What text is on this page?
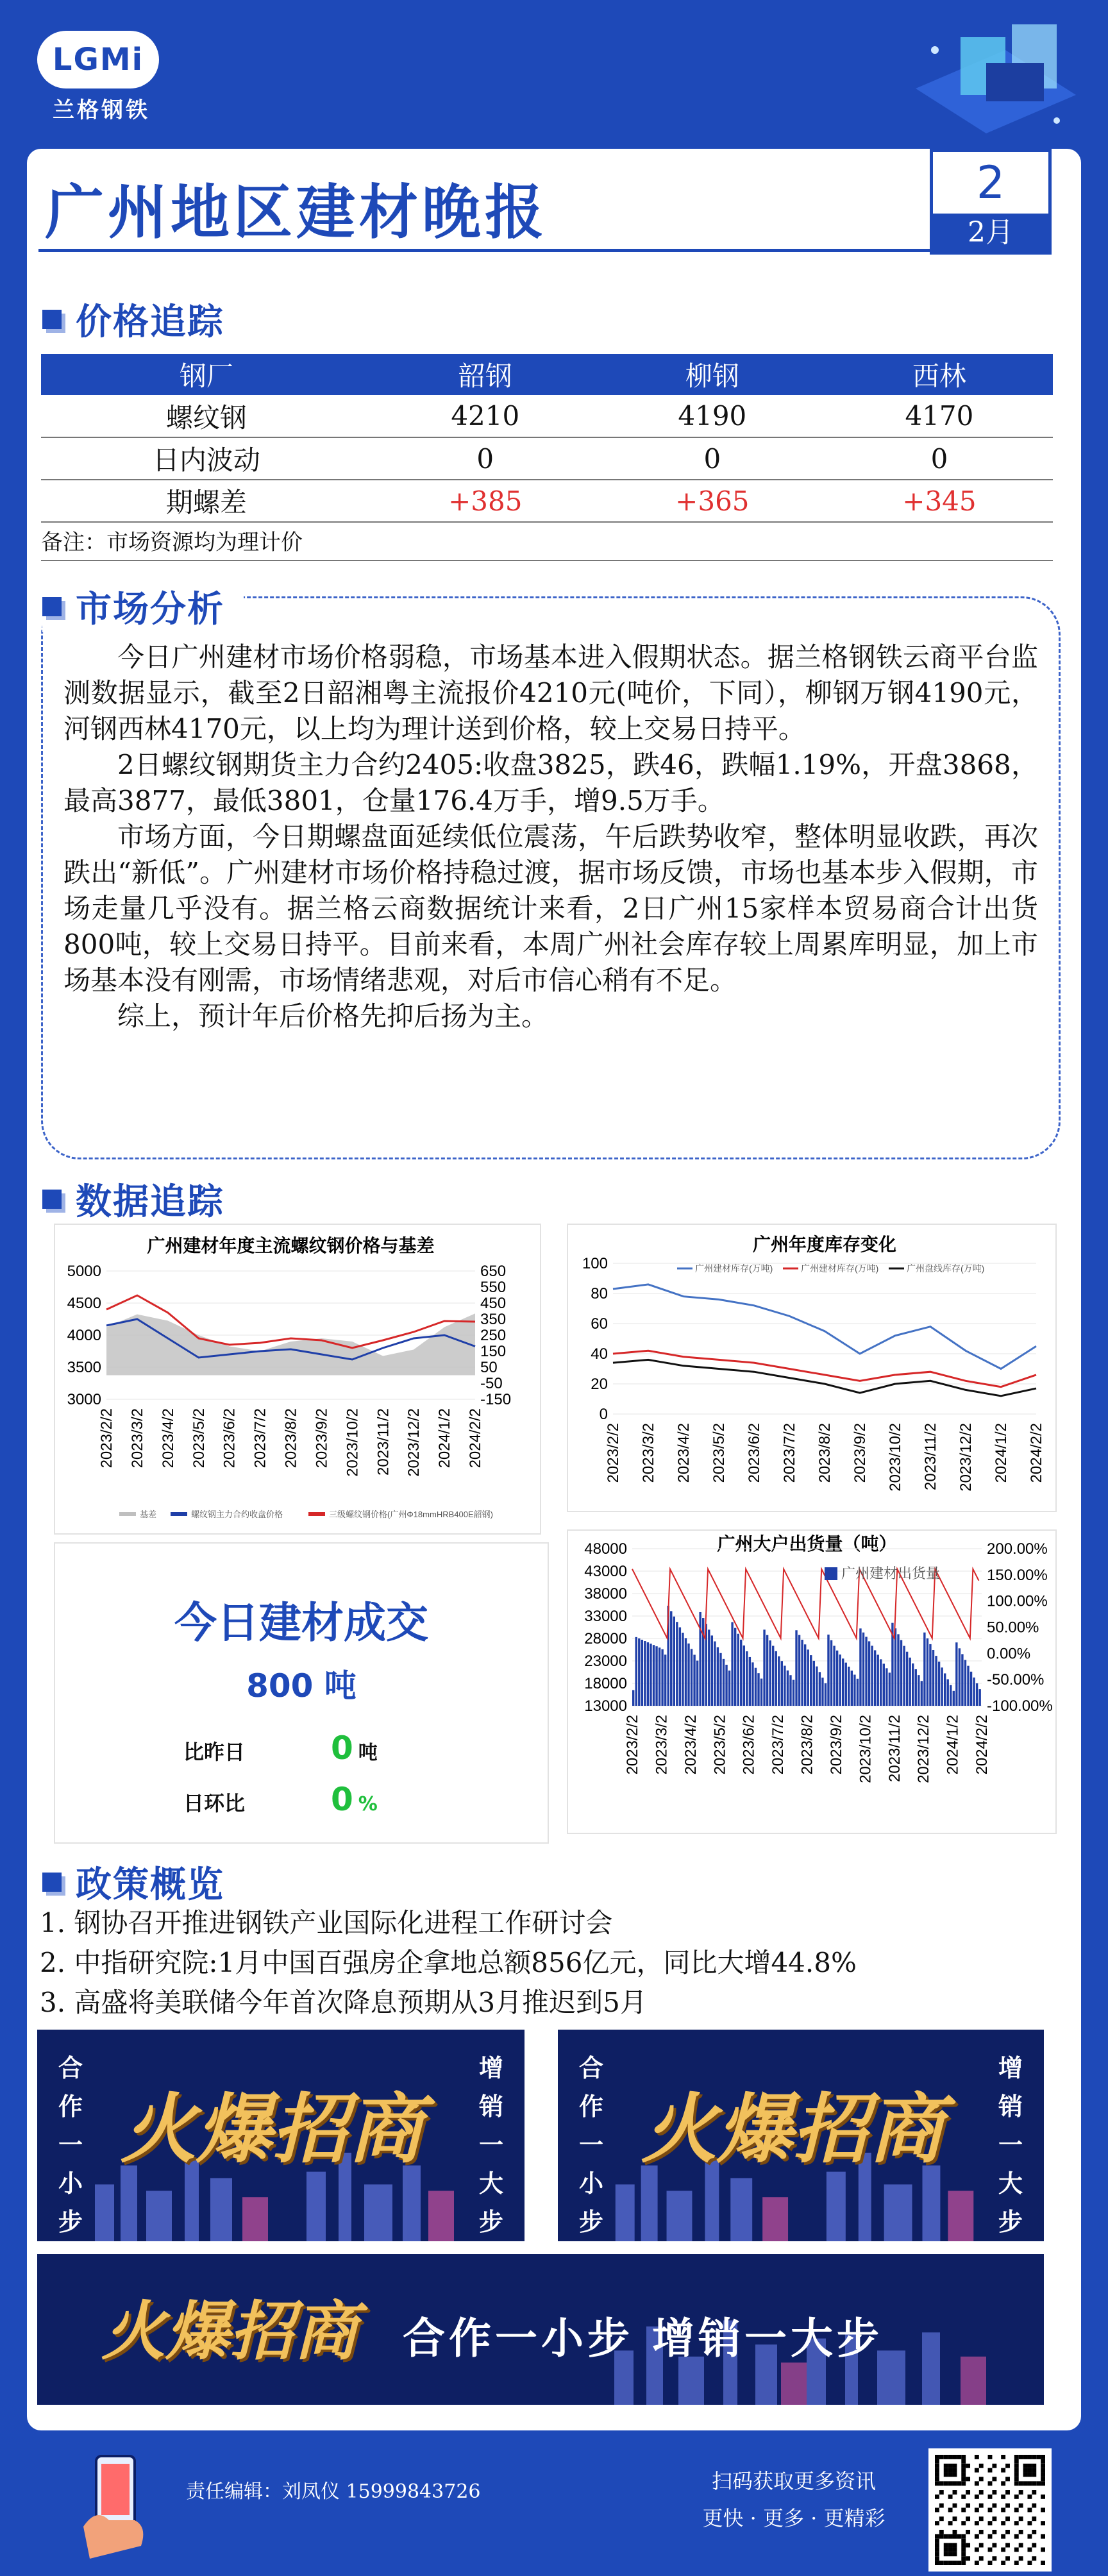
LGMi
兰格钢铁
广州地区建材晚报	2
2月
价格追踪
钢厂	韶钢	柳钢	西林
螺纹钢	4210	4190	4170
日内波动	0	0	0
期螺差	+385	+365	+345
备注：市场资源均为理计价
市场分析

今日广州建材市场价格弱稳，市场基本进入假期状态。据兰格钢铁云商平台监测数据显示，截至2日韶湘粤主流报价4210元(吨价，下同），柳钢万钢4190元，河钢西林4170元，以上均为理计送到价格，较上交易日持平。

2日螺纹钢期货主力合约2405:收盘3825，跌46，跌幅1.19%，开盘3868，最高3877，最低3801，仓量176.4万手，增9.5万手。

市场方面，今日期螺盘面延续低位震荡，午后跌势收窄，整体明显收跌，再次跌出“新低”。广州建材市场价格持稳过渡，据市场反馈，市场也基本步入假期，市场走量几乎没有。据兰格云商数据统计来看，2日广州15家样本贸易商合计出货800吨，较上交易日持平。目前来看，本周广州社会库存较上周累库明显，加上市场基本没有刚需，市场情绪悲观，对后市信心稍有不足。

综上，预计年后价格先抑后扬为主。

数据追踪
广州建材年度主流螺纹钢价格与基差
5000
4500
4000
3500
3000
650
550
450
350
250
150
50
-50
-150
2023/2/2 2023/3/2 2023/4/2 2023/5/2 2023/6/2 2023/7/2 2023/8/2 2023/9/2 2023/10/2 2023/11/2 2023/12/2 2024/1/2 2024/2/2
基差	螺纹钢主力合约收盘价格	三级螺纹钢价格(广州Φ18mmHRB400E韶钢)
广州年度库存变化
100
80
60
40
20
0
2023/2/2 2023/3/2 2023/4/2 2023/5/2 2023/6/2 2023/7/2 2023/8/2 2023/9/2 2023/10/2 2023/11/2 2023/12/2 2024/1/2 2024/2/2
广州建材库存(万吨)	广州建材库存(万吨)	广州盘线库存(万吨)
广州大户出货量（吨）
48000
43000
38000
33000
28000
23000
18000
13000
200.00%
150.00%
100.00%
50.00%
0.00%
-50.00%
-100.00%
2023/2/2 2023/3/2 2023/4/2 2023/5/2 2023/6/2 2023/7/2 2023/8/2 2023/9/2 2023/10/2 2023/11/2 2023/12/2 2024/1/2 2024/2/2
广州建材出货量
今日建材成交
800 吨
比昨日	0 吨
日环比	0 %
政策概览
1. 钢协召开推进钢铁产业国际化进程工作研讨会
2. 中指研究院:1月中国百强房企拿地总额856亿元，同比大增44.8%
3. 高盛将美联储今年首次降息预期从3月推迟到5月
合作一小步
增销一大步
火爆招商
合作一小步
增销一大步
火爆招商
火爆招商 合作一小步 增销一大步
责任编辑：刘凤仪 15999843726	扫码获取更多资讯
更快 · 更多 · 更精彩
